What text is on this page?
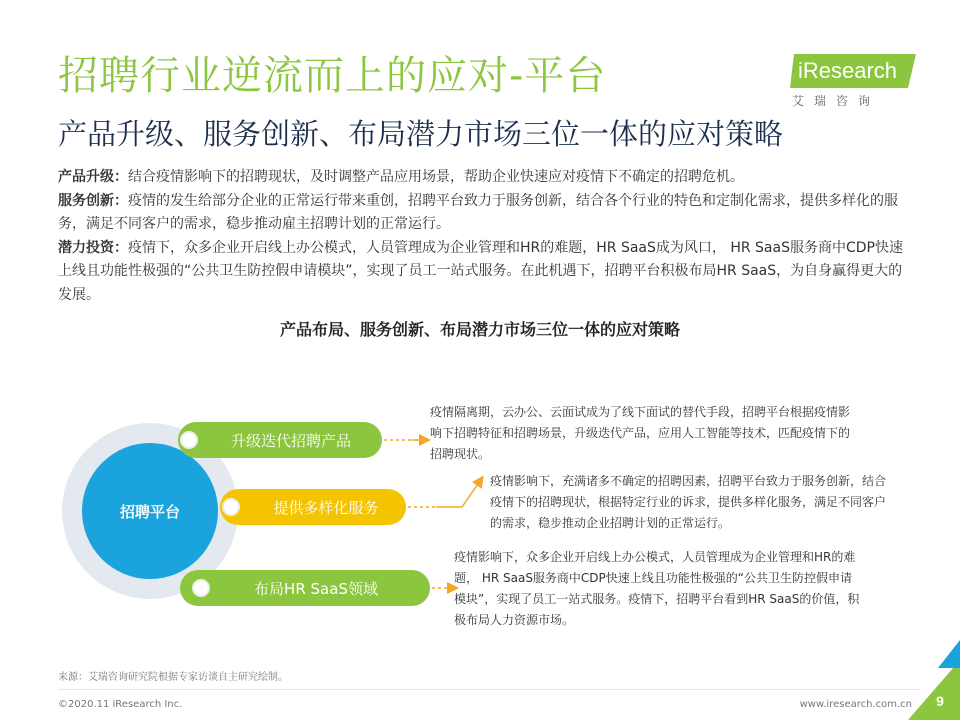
招聘行业逆流而上的应对-平台
产品升级、服务创新、布局潜力市场三位一体的应对策略
iResearch
艾瑞咨询

产品升级：结合疫情影响下的招聘现状，及时调整产品应用场景，帮助企业快速应对疫情下不确定的招聘危机。

服务创新：疫情的发生给部分企业的正常运行带来重创，招聘平台致力于服务创新，结合各个行业的特色和定制化需求，提供多样化的服务，满足不同客户的需求，稳步推动雇主招聘计划的正常运行。

潜力投资：疫情下，众多企业开启线上办公模式，人员管理成为企业管理和HR的难题，HR SaaS成为风口， HR SaaS服务商中CDP快速上线且功能性极强的“公共卫生防控假申请模块”，实现了员工一站式服务。在此机遇下，招聘平台积极布局HR SaaS，为自身赢得更大的发展。

产品布局、服务创新、布局潜力市场三位一体的应对策略
招聘平台
升级迭代招聘产品
提供多样化服务
布局HR SaaS领域
疫情隔离期，云办公、云面试成为了线下面试的替代手段，招聘平台根据疫情影响下招聘特征和招聘场景，升级迭代产品，应用人工智能等技术，匹配疫情下的招聘现状。
疫情影响下，充满诸多不确定的招聘因素，招聘平台致力于服务创新，结合疫情下的招聘现状，根据特定行业的诉求，提供多样化服务，满足不同客户的需求，稳步推动企业招聘计划的正常运行。
疫情影响下，众多企业开启线上办公模式，人员管理成为企业管理和HR的难题， HR SaaS服务商中CDP快速上线且功能性极强的“公共卫生防控假申请模块”，实现了员工一站式服务。疫情下，招聘平台看到HR SaaS的价值，积极布局人力资源市场。
来源：艾瑞咨询研究院根据专家访谈自主研究绘制。
©2020.11 iResearch Inc.	www.iresearch.com.cn	9
